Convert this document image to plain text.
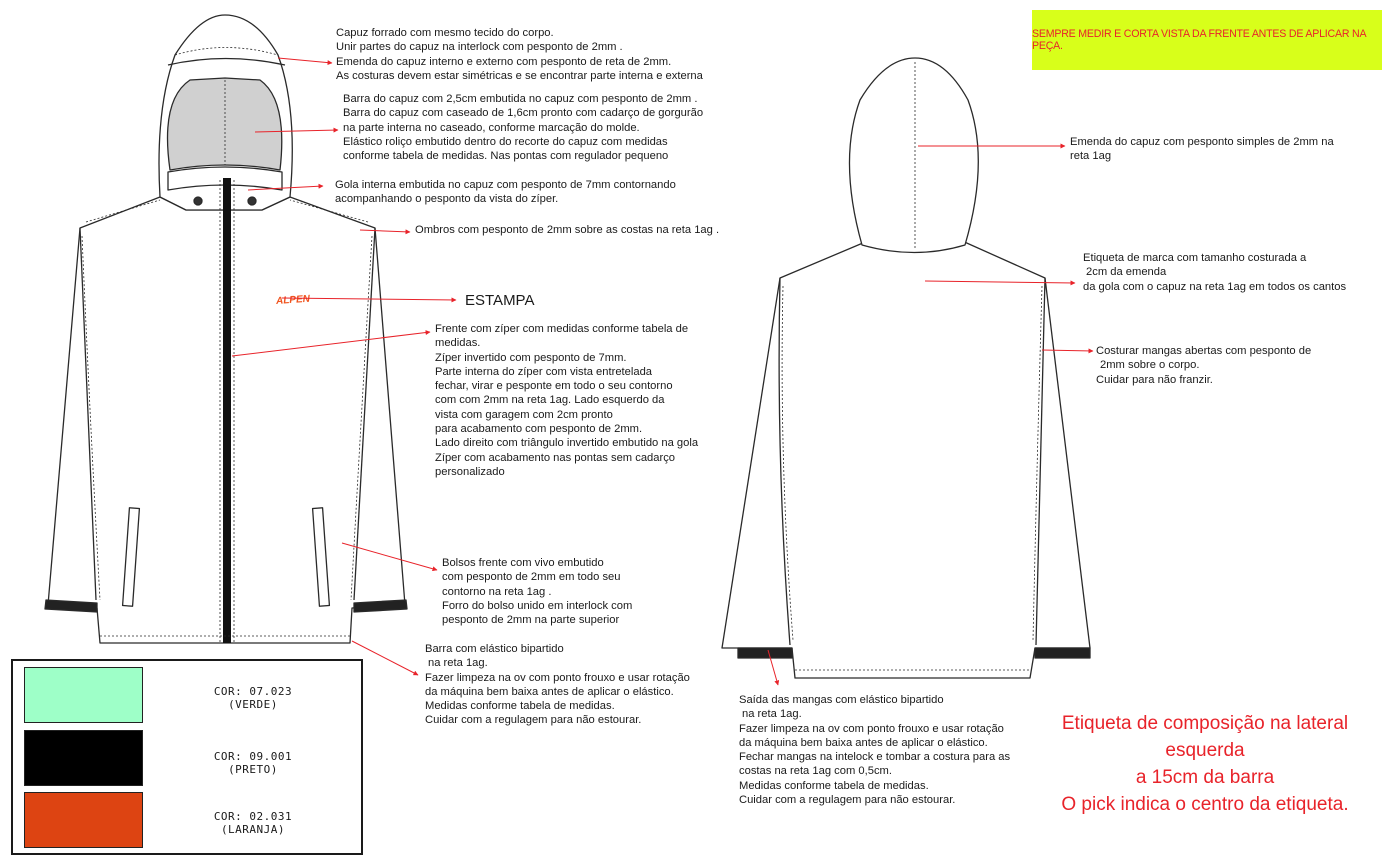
ALPEN
SEMPRE MEDIR E CORTA VISTA DA FRENTE ANTES DE APLICAR NA PEÇA.
ESTAMPA
Capuz forrado com mesmo tecido do corpo.
Unir partes do capuz na interlock com pesponto de 2mm .
Emenda do capuz interno e externo com pesponto de reta de 2mm.
As costuras devem estar simétricas e se encontrar parte interna e externa
Barra do capuz com 2,5cm embutida no capuz com pesponto de 2mm .
Barra do capuz com caseado de 1,6cm pronto com cadarço de gorgurão
na parte interna no caseado, conforme marcação do molde.
Elástico roliço embutido dentro do recorte do capuz com medidas
conforme tabela de medidas. Nas pontas com regulador pequeno
Gola interna embutida no capuz com pesponto de 7mm contornando
acompanhando o pesponto da vista do zíper.
Ombros com pesponto de 2mm sobre as costas na reta 1ag .
Frente com zíper com medidas conforme tabela de
medidas.
Zíper invertido com pesponto de 7mm.
Parte interna do zíper com vista entretelada
fechar, virar e pesponte em todo o seu contorno
com com 2mm na reta 1ag. Lado esquerdo da
vista com garagem com 2cm pronto
para acabamento com pesponto de 2mm.
Lado direito com triângulo invertido embutido na gola
Zíper com acabamento nas pontas sem cadarço
personalizado
Bolsos frente com vivo embutido
com pesponto de 2mm em todo seu
contorno na reta 1ag .
Forro do bolso unido em interlock com
pesponto de 2mm na parte superior
Barra com elástico bipartido
na reta 1ag.
Fazer limpeza na ov com ponto frouxo e usar rotação
da máquina bem baixa antes de aplicar o elástico.
Medidas conforme tabela de medidas.
Cuidar com a regulagem para não estourar.
Emenda do capuz com pesponto simples de 2mm na
reta 1ag
Etiqueta de marca com tamanho costurada a
2cm da emenda
da gola com o capuz na reta 1ag em todos os cantos
Costurar mangas abertas com pesponto de
2mm sobre o corpo.
Cuidar para não franzir.
Saída das mangas com elástico bipartido
na reta 1ag.
Fazer limpeza na ov com ponto frouxo e usar rotação
da máquina bem baixa antes de aplicar o elástico.
Fechar mangas na intelock e tombar a costura para as
costas na reta 1ag com 0,5cm.
Medidas conforme tabela de medidas.
Cuidar com a regulagem para não estourar.
Etiqueta de composição na lateral esquerda
a 15cm da barra
O pick indica o centro da etiqueta.
COR: 07.023
(VERDE)
COR: 09.001
(PRETO)
COR: 02.031
(LARANJA)
